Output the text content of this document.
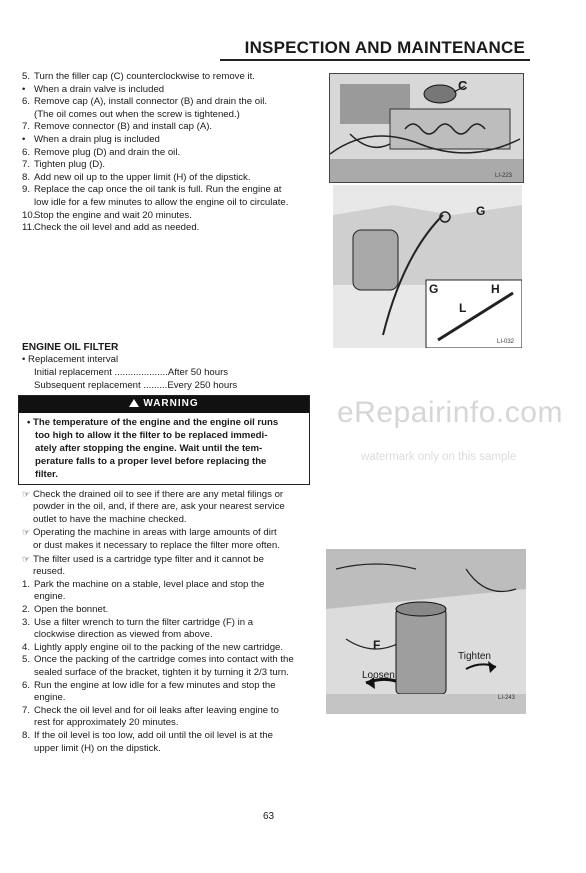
INSPECTION AND MAINTENANCE
5. Turn the filler cap (C) counterclockwise to remove it.
• When a drain valve is included
6. Remove cap (A), install connector (B) and drain the oil.
(The oil comes out when the screw is tightened.)
7. Remove connector (B) and install cap (A).
• When a drain plug is included
6. Remove plug (D) and drain the oil.
7. Tighten plug (D).
8. Add new oil up to the upper limit (H) of the dipstick.
9. Replace the cap once the oil tank is full. Run the engine at
low idle for a few minutes to allow the engine oil to circulate.
10.Stop the engine and wait 20 minutes.
11.Check the oil level and add as needed.
ENGINE OIL FILTER
• Replacement interval
Initial replacement ....................After 50 hours
Subsequent replacement .........Every 250 hours
WARNING
• The temperature of the engine and the engine oil runs
too high to allow it the filter to be replaced immedi-
ately after stopping the engine. Wait until the tem-
perature falls to a proper level before replacing the
filter.
☞ Check the drained oil to see if there are any metal filings or
powder in the oil, and, if there are, ask your nearest service
outlet to have the machine checked.
☞ Operating the machine in areas with large amounts of dirt
or dust makes it necessary to replace the filter more often.
☞ The filter used is a cartridge type filter and it cannot be
reused.
1. Park the machine on a stable, level place and stop the
engine.
2. Open the bonnet.
3. Use a filter wrench to turn the filter cartridge (F) in a
clockwise direction as viewed from above.
4. Lightly apply engine oil to the packing of the new cartridge.
5. Once the packing of the cartridge comes into contact with the
sealed surface of the bracket, tighten it by turning it 2/3 turn.
6. Run the engine at low idle for a few minutes and stop the
engine.
7. Check the oil level and for oil leaks after leaving engine to
rest for approximately 20 minutes.
8. If the oil level is too low, add oil until the oil level is at the
upper limit (H) on the dipstick.
C
LI-223
G
G	H
L
LI-032
F
Tighten
Loosen
LI-243
eRepairinfo.com
watermark only on this sample
63
